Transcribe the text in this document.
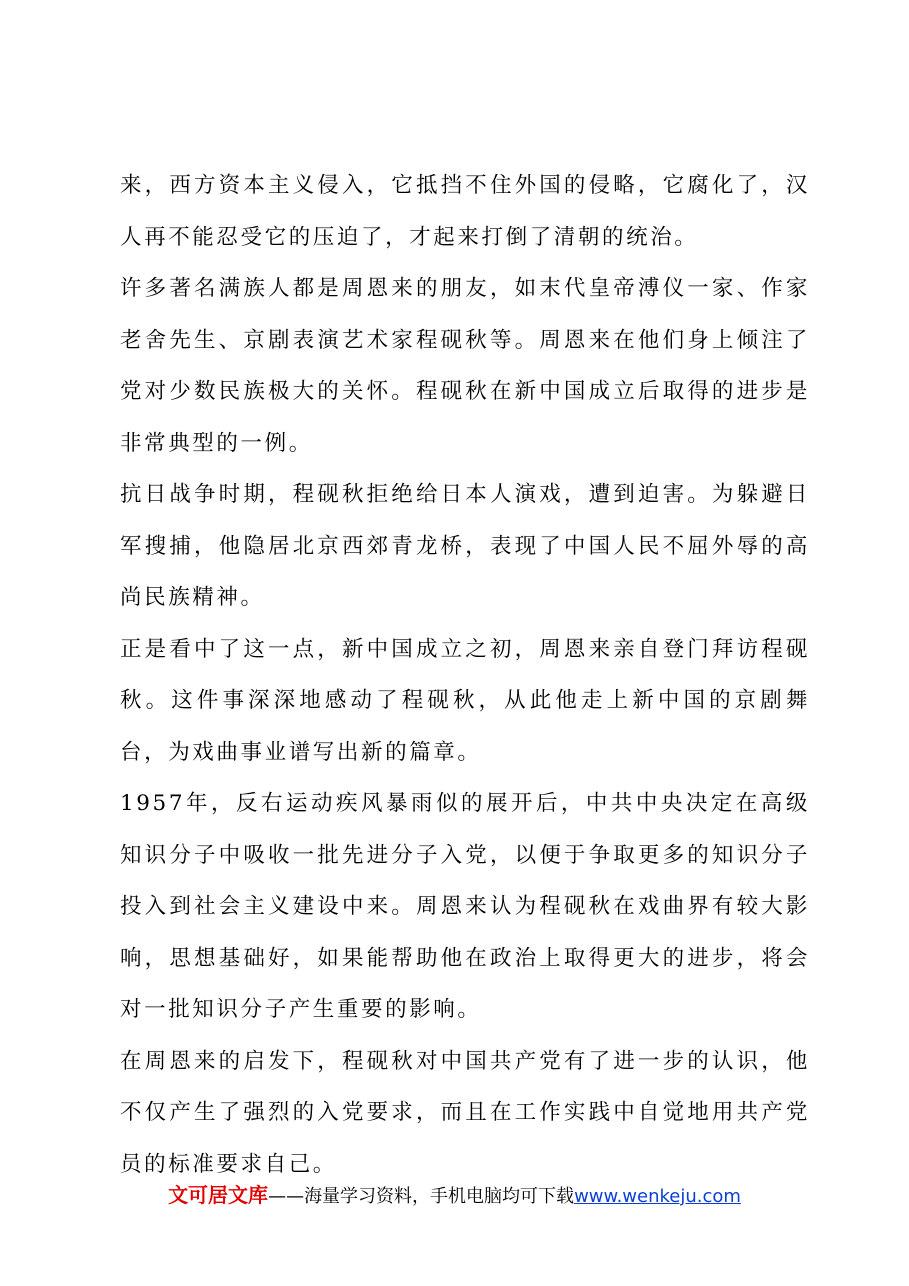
来，西方资本主义侵入，它抵挡不住外国的侵略，它腐化了，汉人再不能忍受它的压迫了，才起来打倒了清朝的统治。

许多著名满族人都是周恩来的朋友，如末代皇帝溥仪一家、作家老舍先生、京剧表演艺术家程砚秋等。周恩来在他们身上倾注了党对少数民族极大的关怀。程砚秋在新中国成立后取得的进步是非常典型的一例。

抗日战争时期，程砚秋拒绝给日本人演戏，遭到迫害。为躲避日军搜捕，他隐居北京西郊青龙桥，表现了中国人民不屈外辱的高尚民族精神。

正是看中了这一点，新中国成立之初，周恩来亲自登门拜访程砚秋。这件事深深地感动了程砚秋，从此他走上新中国的京剧舞台，为戏曲事业谱写出新的篇章。

1957年，反右运动疾风暴雨似的展开后，中共中央决定在高级知识分子中吸收一批先进分子入党，以便于争取更多的知识分子投入到社会主义建设中来。周恩来认为程砚秋在戏曲界有较大影响，思想基础好，如果能帮助他在政治上取得更大的进步，将会对一批知识分子产生重要的影响。

在周恩来的启发下，程砚秋对中国共产党有了进一步的认识，他不仅产生了强烈的入党要求，而且在工作实践中自觉地用共产党员的标准要求自己。

文可居文库——海量学习资料，手机电脑均可下载www.wenkeju.com
